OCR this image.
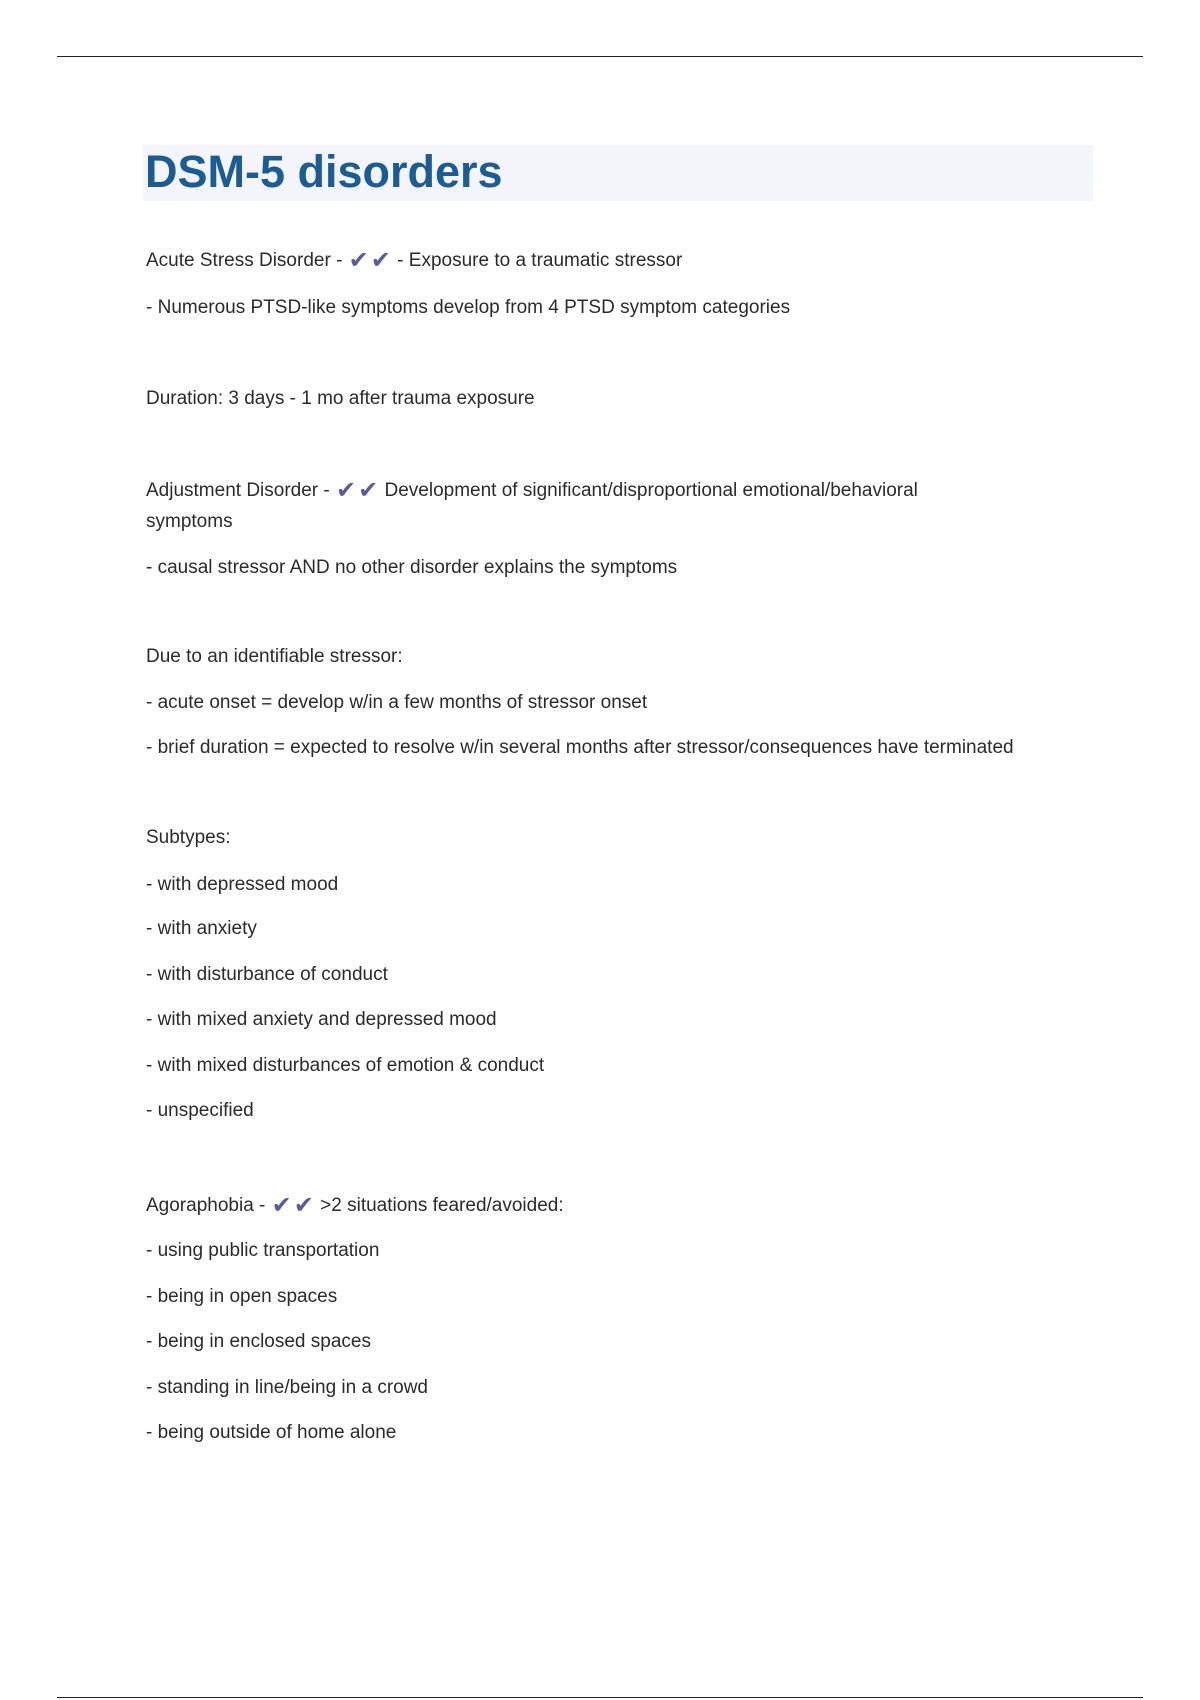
DSM-5 disorders

Acute Stress Disorder - ✔✔ - Exposure to a traumatic stressor

- Numerous PTSD-like symptoms develop from 4 PTSD symptom categories

Duration: 3 days - 1 mo after trauma exposure

Adjustment Disorder - ✔✔ Development of significant/disproportional emotional/behavioral

symptoms

- causal stressor AND no other disorder explains the symptoms

Due to an identifiable stressor:

- acute onset = develop w/in a few months of stressor onset

- brief duration = expected to resolve w/in several months after stressor/consequences have terminated

Subtypes:

- with depressed mood

- with anxiety

- with disturbance of conduct

- with mixed anxiety and depressed mood

- with mixed disturbances of emotion & conduct

- unspecified

Agoraphobia - ✔✔ >2 situations feared/avoided:

- using public transportation

- being in open spaces

- being in enclosed spaces

- standing in line/being in a crowd

- being outside of home alone
